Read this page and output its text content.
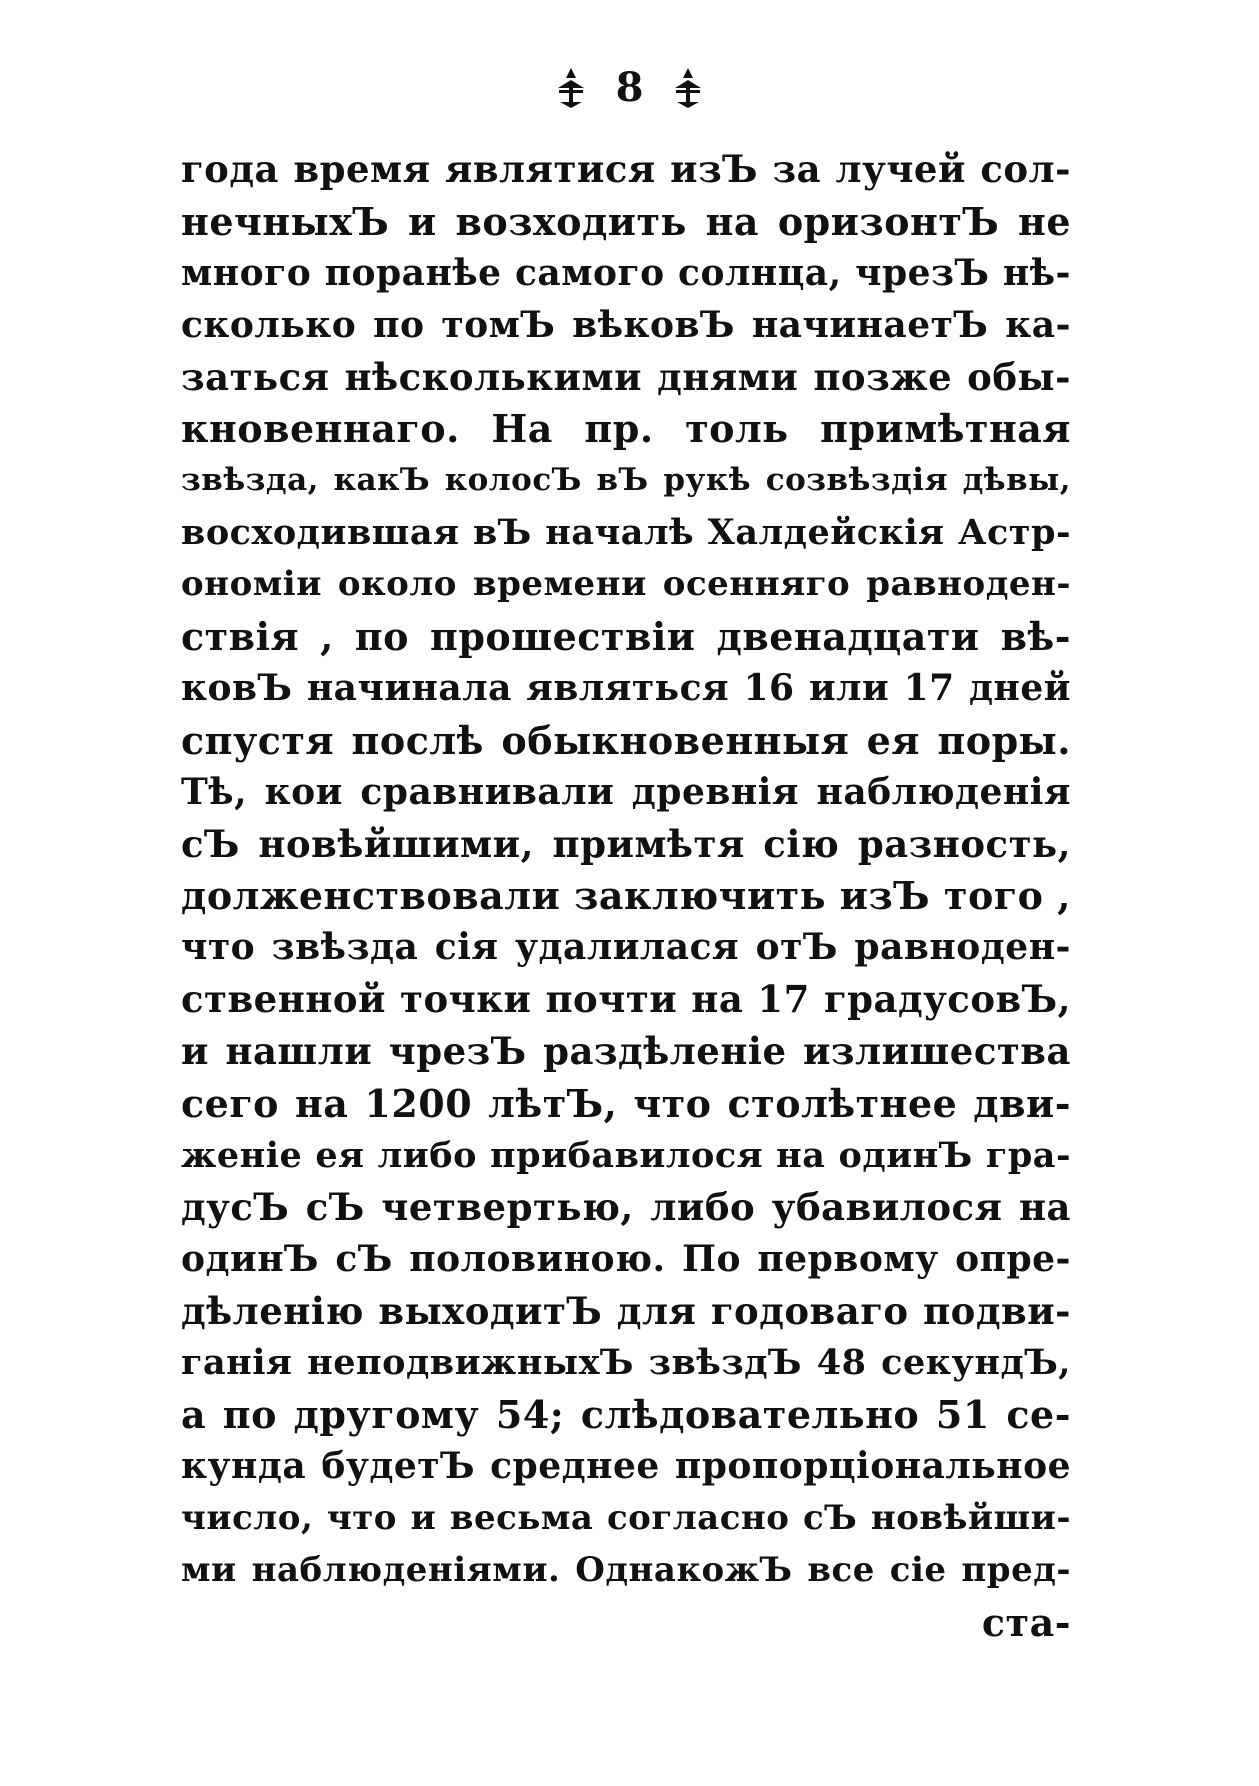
8
года время являтися изЪ за лучей сол-
нечныхЪ и возходить на оризонтЪ не
много поранѣе самого солнца, чрезЪ нѣ-
сколько по томЪ вѣковЪ начинаетЪ ка-
заться нѣсколькими днями позже обы-
кновеннаго. На пр. толь примѣтная
звѣзда, какЪ колосЪ вЪ рукѣ созвѣздія дѣвы,
восходившая вЪ началѣ Халдейскія Астр-
ономіи около времени осенняго равноден-
ствія , по прошествіи двенадцати вѣ-
ковЪ начинала являться 16 или 17 дней
спустя послѣ обыкновенныя ея поры.
Тѣ, кои сравнивали древнія наблюденія
сЪ новѣйшими, примѣтя сію разность,
долженствовали заключить изЪ того ,
что звѣзда сія удалилася отЪ равноден-
ственной точки почти на 17 градусовЪ,
и нашли чрезЪ раздѣленіе излишества
сего на 1200 лѣтЪ, что столѣтнее дви-
женіе ея либо прибавилося на одинЪ гра-
дусЪ сЪ четвертью, либо убавилося на
одинЪ сЪ половиною. По первому опре-
дѣленію выходитЪ для годоваго подви-
ганія неподвижныхЪ звѣздЪ 48 секундЪ,
а по другому 54; слѣдовательно 51 се-
кунда будетЪ среднее пропорціональное
число, что и весьма согласно сЪ новѣйши-
ми наблюденіями. ОднакожЪ все сіе пред-
ста-
